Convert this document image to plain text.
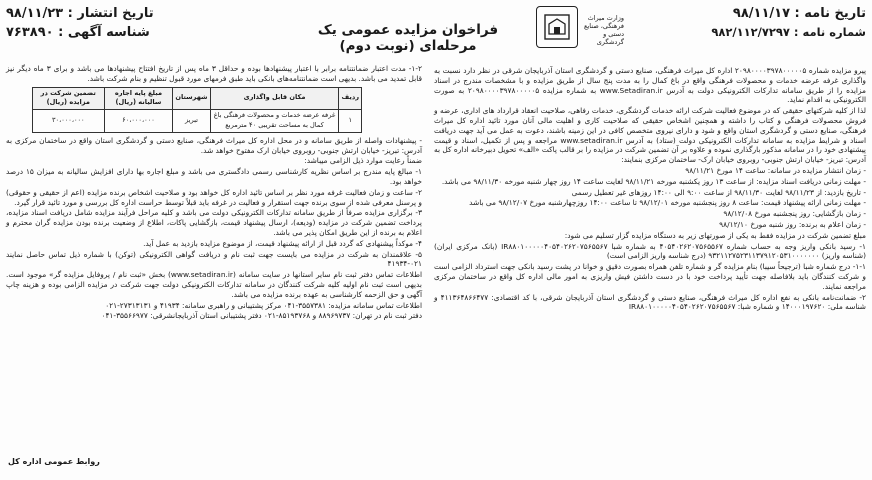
تاریخ انتشار : ۹۸/۱۱/۲۳
شناسه آگهی : ۷۶۳۸۹۰	فراخوان مزایده عمومی یک مرحله‌ای (نوبت دوم)
وزارت میراث فرهنگی، صنایع دستی و گردشگری
تاریخ نامه : ۹۸/۱۱/۱۷
شماره نامه : ۹۸۲/۱۱۲/۷۲۹۷

پیرو مزایده شماره ۲۰۹۸۰۰۰۰۳۹۷۸۰۰۰۰۰۵ اداره کل میراث فرهنگی، صنایع دستی و گردشگری استان آذربایجان شرقی در نظر دارد نسبت به واگذاری غرفه عرضه خدمات و محصولات فرهنگی واقع در باغ کمال را به مدت پنج سال از طریق مزایده و با مشخصات مندرج در اسناد مزایده را از طریق سامانه تدارکات الکترونیکی دولت به آدرس www.Setadiran.ir به شماره مزایده ۲۰۹۸۰۰۰۰۳۹۷۸۰۰۰۰۰۵ به صورت الکترونیکی به اقدام نماید.

لذا از کلیه شرکتهای حقیقی که در موضوع فعالیت شرکت ارائه خدمات گردشگری، خدمات رفاهی، صلاحیت انعقاد قرارداد های اداری، عرضه و فروش محصولات فرهنگی و کتاب را داشته و همچنین اشخاص حقیقی که صلاحیت کاری و اهلیت مالی آنان مورد تائید اداره کل میراث فرهنگی، صنایع دستی و گردشگری استان واقع و شود و دارای نیروی متخصص کافی در این زمینه باشند، دعوت به عمل می آید جهت دریافت اسناد و شرایط مزایده به سامانه تدارکات الکترونیکی دولت (ستاد) به آدرس www.setadiran.ir مراجعه و پس از تکمیل، اسناد و قیمت پیشنهادی خود را در سامانه مذکور بارگذاری نموده و علاوه بر آن تضمین شرکت در مزایده را بر قالب پاکت «الف» تحویل دبیرخانه اداره کل به آدرس: تبریز- خیابان ارتش جنوبی- روبروی خیابان ارک- ساختمان مرکزی بنمایند:

- زمان انتشار مزایده در سامانه: ساعت ۱۴ مورخ ۹۸/۱۱/۲۱

- مهلت زمانی دریافت اسناد مزایده: از ساعت ۱۳ روز یکشنبه مورخه ۹۸/۱۱/۲۱ لغایت ساعت ۱۴ روز چهار شنبه مورخه ۹۸/۱۱/۳۰ می باشد.

- تاریخ بازدید: از ۹۸/۱۱/۲۳ لغایت ۹۸/۱۱/۳۰ از ساعت ۹:۰۰ الی ۱۴:۰۰ روزهای غیر تعطیل رسمی

- مهلت زمانی ارائه پیشنهاد قیمت: ساعت ۸ روز پنجشنبه مورخه ۹۸/۱۲/۰۱ تا ساعت ۱۴:۰۰ روزچهارشنبه مورخ ۹۸/۱۲/۰۷ می باشد

- زمان بازگشایی: روز پنجشنبه مورخ ۹۸/۱۲/۰۸

- زمان اعلام به برنده: روز شنبه مورخ ۹۸/۱۲/۱۰

مبلغ تضمین شرکت در مزایده فقط به یکی از صورتهای زیر به دستگاه مزایده گزار تسلیم می شود:

۱- رسید بانکی واریز وجه به حساب شماره ۴۰۵۴۰۲۶۲۰۷۵۶۵۵۶۷ به شماره شبا IR۸۸۰۱۰۰۰۰۰۴۰۵۴۰۲۶۲۰۷۵۶۵۵۶۷ (بانک مرکزی ایران) (شناسه واریز) ۹۳۲۱۱۲۷۵۲۳۱۱۳۷۹۱۲۰۵۳۱۰۰۰۰۰۰۰ (درج شناسه واریز الزامی است)

۱-۱- درج شماره شبا (ترجیحاً سیبا) بنام مزایده گر و شماره تلفن همراه بصورت دقیق و خوانا در پشت رسید بانکی جهت استرداد الزامی است و شرکت کنندگان باید بلافاصله جهت تأیید پرداخت خود با در دست داشتن فیش واریزی به امور مالی اداره کل واقع در ساختمان مرکزی مراجعه نمایند.

۲- ضمانت‌نامه بانکی به نفع اداره کل میراث فرهنگی، صنایع دستی و گردشگری استان آذربایجان شرقی، با کد اقتصادی: ۴۱۱۳۶۴۸۶۶۴۷۷ و شناسه ملی: ۱۴۰۰۰۱۹۷۶۲۰ و شماره شبا: IR۸۸۰۱۰۰۰۰۰۴۰۵۴۰۲۶۲۰۷۵۶۵۵۶۷

۱-۲- مدت اعتبار ضمانتنامه برابر با اعتبار پیشنهادها بوده و حداقل ۳ ماه پس از تاریخ افتتاح پیشنهادها می باشد و برای ۳ ماه دیگر نیز قابل تمدید می باشد. بدیهی است ضمانتنامه‌های بانکی باید طبق فرمهای مورد قبول تنظیم و بنام شرکت باشد.

ردیف	مکان قابل واگذاری	شهرستان	مبلغ پایه اجاره سالیانه (ریال)	تضمین شرکت در مزایده (ریال)
۱	غرفه عرضه خدمات و محصولات فرهنگی باغ کمال به مساحت تقریبی ۴۰ مترمربع	تبریز	۶۰،۰۰۰،۰۰۰	۳۰،۰۰۰،۰۰۰

- پیشنهادات واصله از طریق سامانه و در محل اداره کل میراث فرهنگی، صنایع دستی و گردشگری استان واقع در ساختمان مرکزی به آدرس: تبریز- خیابان ارتش جنوبی- روبروی خیابان ارک مفتوح خواهد شد.

ضمناً رعایت موارد ذیل الزامی میباشد:

۱- مبالغ پایه مندرج بر اساس نظریه کارشناسی رسمی دادگستری می باشد و مبلغ اجاره بها دارای افزایش سالیانه به میزان ۱۵ درصد خواهد بود.

۲- ساعت و زمان فعالیت غرفه مورد نظر بر اساس تائید اداره کل خواهد بود و صلاحیت اشخاص برنده مزایده (اعم از حقیقی و حقوقی) و پرسنل معرفی شده از سوی برنده جهت استقرار و فعالیت در غرفه باید قبلاً توسط حراست اداره کل بررسی و مورد تائید قرار گیرد.

۳- برگزاری مزایده صرفاً از طریق سامانه تدارکات الکترونیکی دولت می باشد و کلیه مراحل فرآیند مزایده شامل دریافت اسناد مزایده، پرداخت تضمین شرکت در مزایده (ودیعه)، ارسال پیشنهاد قیمت، بازگشایی پاکات، اطلاع از وضعیت برنده بودن مزایده گران محترم و اعلام به برنده از این طریق امکان پذیر می باشد.

۴- موکداً پیشنهادی که گردد قبل از ارائه پیشنهاد قیمت، از موضوع مزایده بازدید به عمل آید.

۵- علاقمندان به شرکت در مزایده می بایست جهت ثبت نام و دریافت گواهی الکترونیکی (توکن) با شماره ذیل تماس حاصل نمایند ۰۲۱-۴۱۹۳۴

اطلاعات تماس دفتر ثبت نام سایر استانها در سایت سامانه (www.setadiran.ir) بخش «ثبت نام / پروفایل مزایده گر» موجود است. بدیهی است ثبت نام اولیه کلیه شرکت کنندگان در سامانه تدارکات الکترونیکی دولت جهت شرکت در مزایده الزامی بوده و هزینه چاپ آگهی و حق الزحمه کارشناسی به عهده برنده مزایده می باشد.

اطلاعات تماس سامانه مزایده: ۳۵۵۷۳۸۱-۰۴۱ مرکز پشتیبانی و راهبری سامانه: ۴۱۹۳۴ و ۲۷۳۱۳۱۳۱-۰۲۱

دفتر ثبت نام در تهران: ۸۸۹۶۹۷۳۷ و ۸۵۱۹۳۷۶۸-۰۲۱ دفتر پشتیبانی استان آذربایجانشرقی: ۳۵۵۶۶۹۷۷-۰۴۱

روابط عمومی اداره کل
